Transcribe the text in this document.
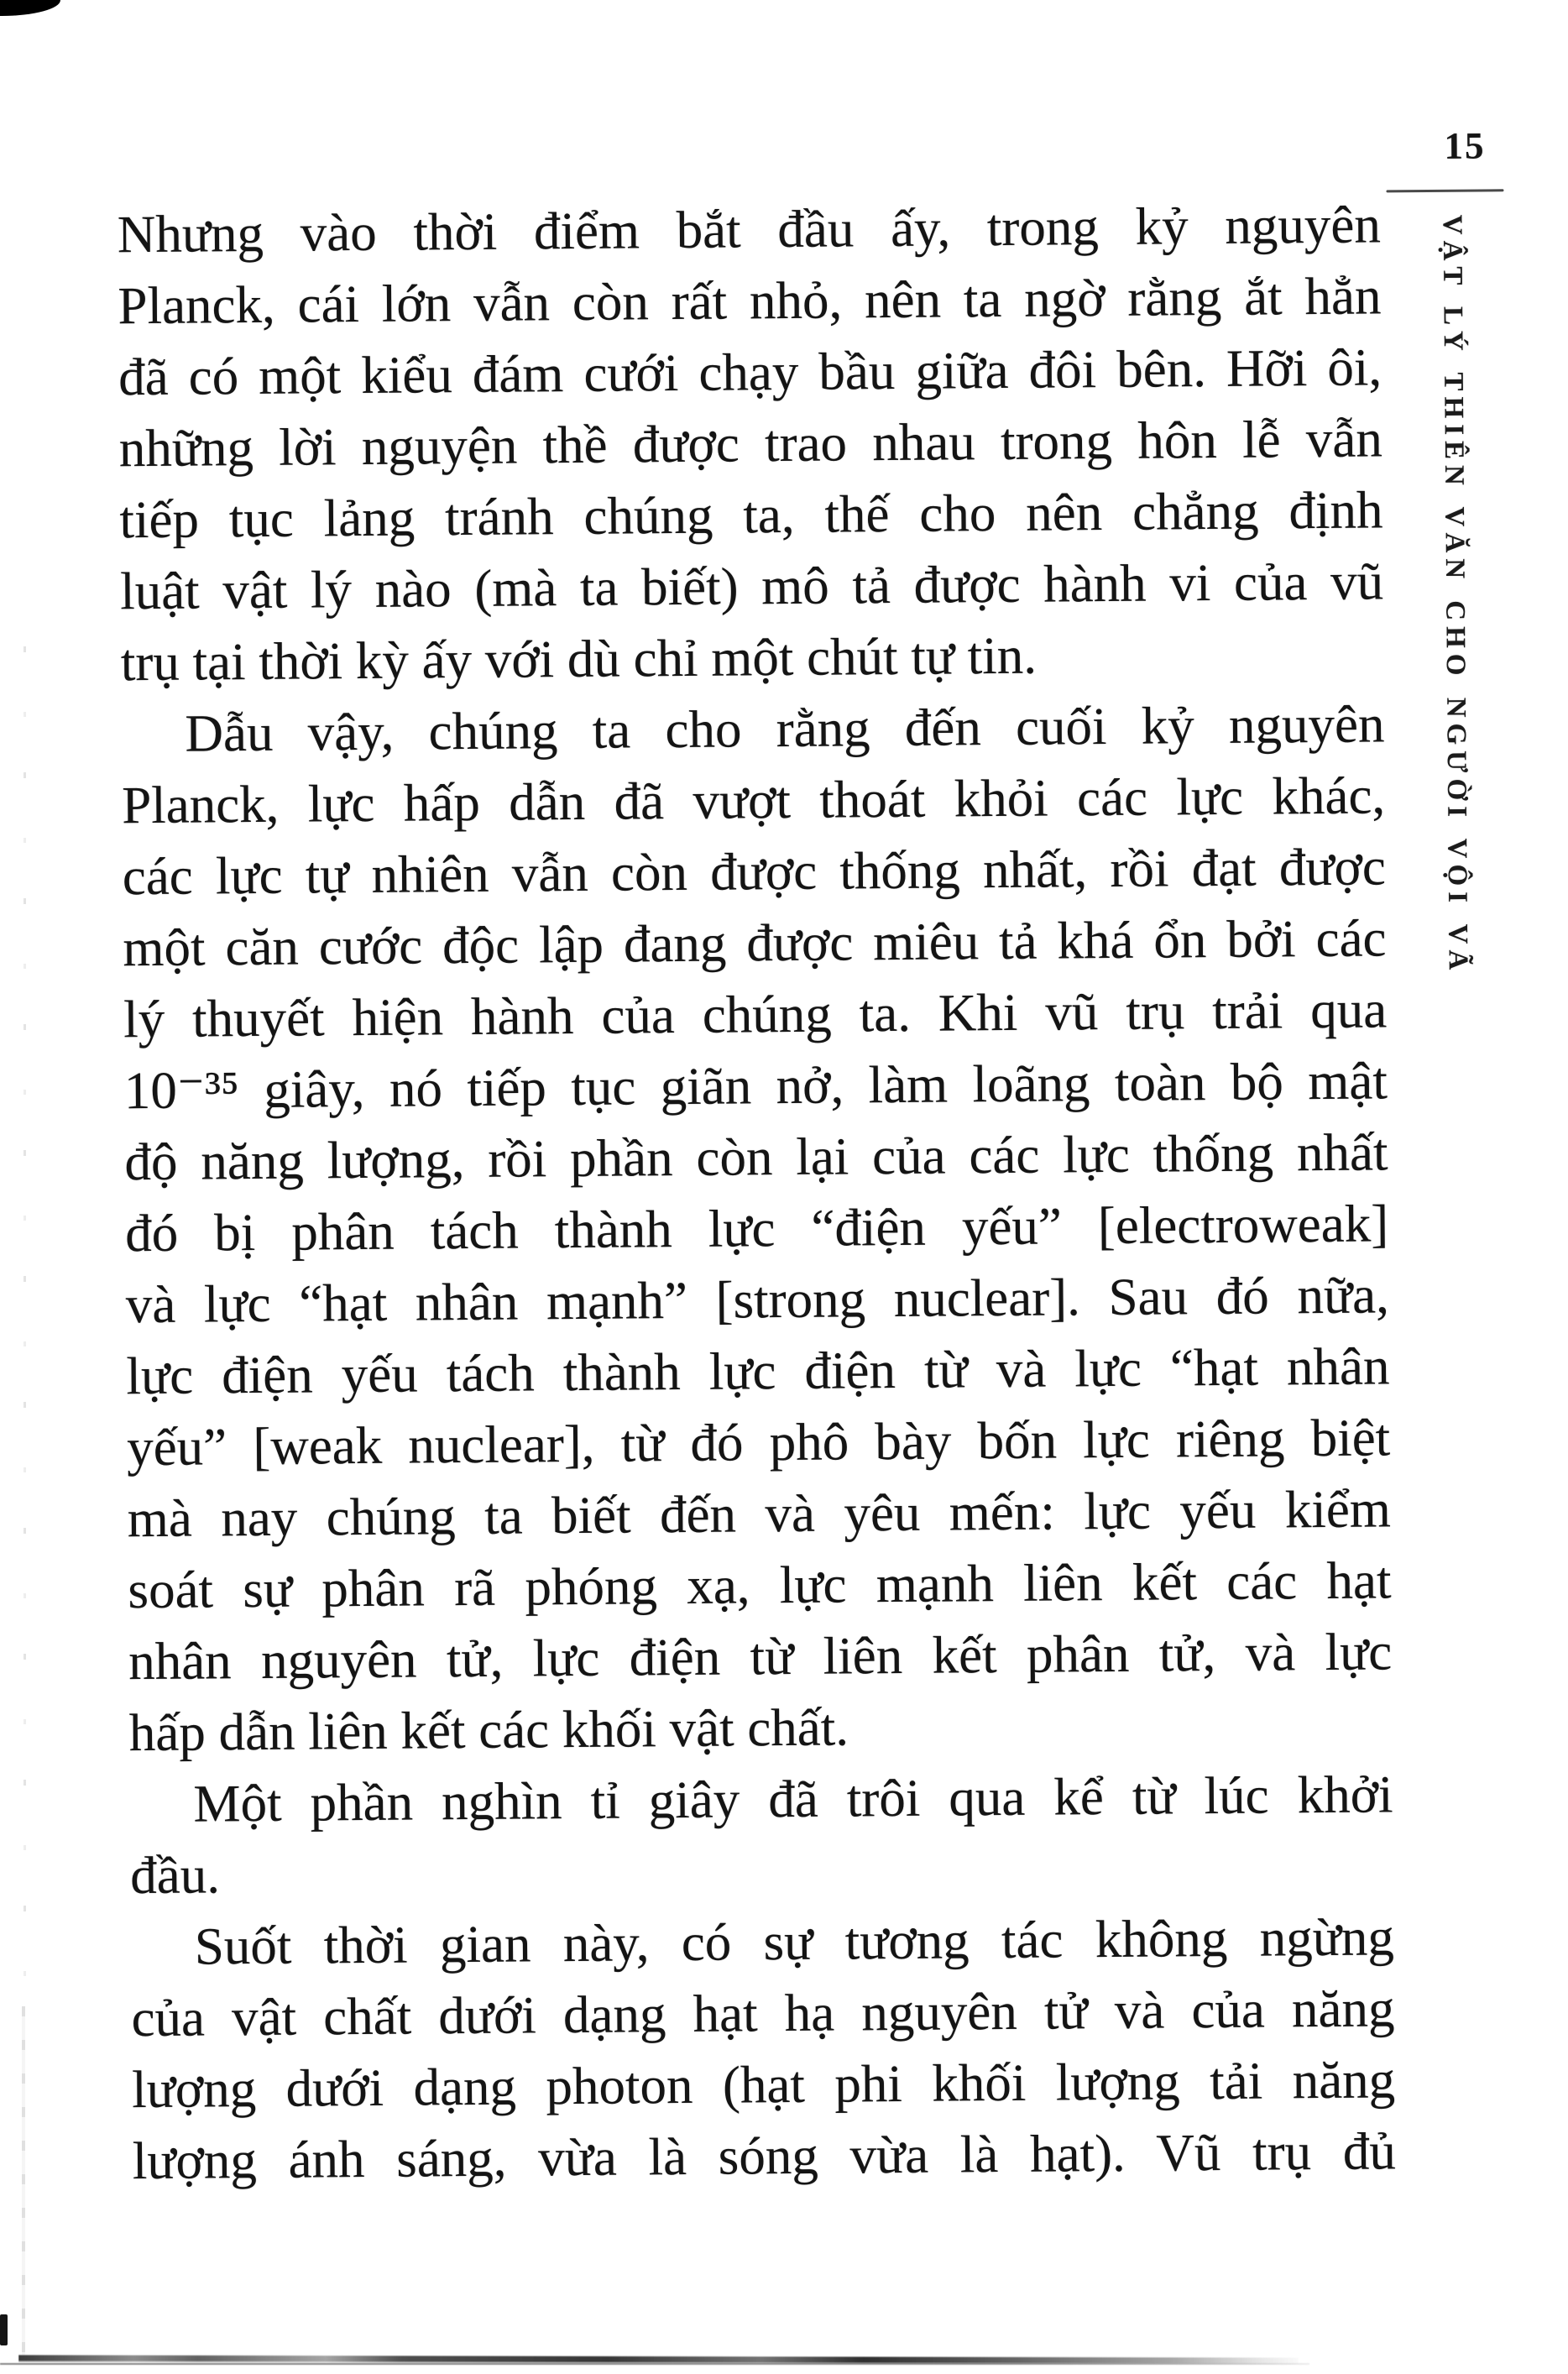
Nhưng vào thời điểm bắt đầu ấy, trong kỷ nguyên
Planck, cái lớn vẫn còn rất nhỏ, nên ta ngờ rằng ắt hẳn
đã có một kiểu đám cưới chạy bầu giữa đôi bên. Hỡi ôi,
những lời nguyện thề được trao nhau trong hôn lễ vẫn
tiếp tục lảng tránh chúng ta, thế cho nên chẳng định
luật vật lý nào (mà ta biết) mô tả được hành vi của vũ
trụ tại thời kỳ ấy với dù chỉ một chút tự tin.
Dẫu vậy, chúng ta cho rằng đến cuối kỷ nguyên
Planck, lực hấp dẫn đã vượt thoát khỏi các lực khác,
các lực tự nhiên vẫn còn được thống nhất, rồi đạt được
một căn cước độc lập đang được miêu tả khá ổn bởi các
lý thuyết hiện hành của chúng ta. Khi vũ trụ trải qua
10⁻³⁵ giây, nó tiếp tục giãn nở, làm loãng toàn bộ mật
độ năng lượng, rồi phần còn lại của các lực thống nhất
đó bị phân tách thành lực “điện yếu” [electroweak]
và lực “hạt nhân mạnh” [strong nuclear]. Sau đó nữa,
lực điện yếu tách thành lực điện từ và lực “hạt nhân
yếu” [weak nuclear], từ đó phô bày bốn lực riêng biệt
mà nay chúng ta biết đến và yêu mến: lực yếu kiểm
soát sự phân rã phóng xạ, lực mạnh liên kết các hạt
nhân nguyên tử, lực điện từ liên kết phân tử, và lực
hấp dẫn liên kết các khối vật chất.
Một phần nghìn tỉ giây đã trôi qua kể từ lúc khởi
đầu.
Suốt thời gian này, có sự tương tác không ngừng
của vật chất dưới dạng hạt hạ nguyên tử và của năng
lượng dưới dạng photon (hạt phi khối lượng tải năng
lượng ánh sáng, vừa là sóng vừa là hạt). Vũ trụ đủ
15
VẬT LÝ THIÊN VĂN CHO NGƯỜI VỘI VÃ
